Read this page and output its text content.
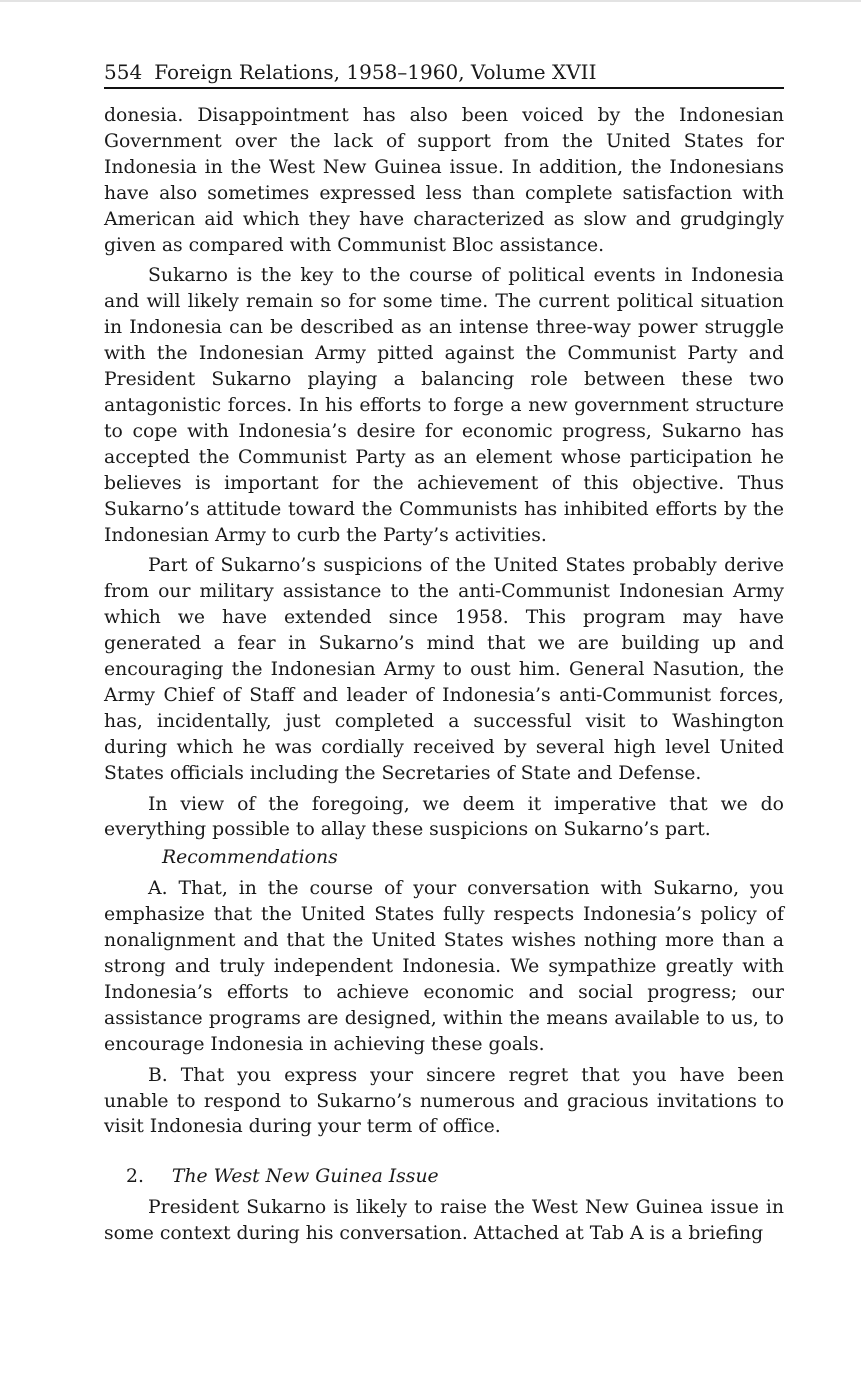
554 Foreign Relations, 1958–1960, Volume XVII

donesia. Disappointment has also been voiced by the Indonesian Government over the lack of support from the United States for Indonesia in the West New Guinea issue. In addition, the Indonesians have also sometimes expressed less than complete satisfaction with American aid which they have characterized as slow and grudgingly given as compared with Communist Bloc assistance.

Sukarno is the key to the course of political events in Indonesia and will likely remain so for some time. The current political situation in Indonesia can be described as an intense three-way power struggle with the Indonesian Army pitted against the Communist Party and President Sukarno playing a balancing role between these two antagonistic forces. In his efforts to forge a new government structure to cope with Indonesia’s desire for economic progress, Sukarno has accepted the Communist Party as an element whose participation he believes is important for the achievement of this objective. Thus Sukarno’s attitude toward the Communists has inhibited efforts by the Indonesian Army to curb the Party’s activities.

Part of Sukarno’s suspicions of the United States probably derive from our military assistance to the anti-Communist Indonesian Army which we have extended since 1958. This program may have generated a fear in Sukarno’s mind that we are building up and encouraging the Indonesian Army to oust him. General Nasution, the Army Chief of Staff and leader of Indonesia’s anti-Communist forces, has, incidentally, just completed a successful visit to Washington during which he was cordially received by several high level United States officials including the Secretaries of State and Defense.

In view of the foregoing, we deem it imperative that we do everything possible to allay these suspicions on Sukarno’s part.

Recommendations

A. That, in the course of your conversation with Sukarno, you emphasize that the United States fully respects Indonesia’s policy of nonalignment and that the United States wishes nothing more than a strong and truly independent Indonesia. We sympathize greatly with Indonesia’s efforts to achieve economic and social progress; our assistance programs are designed, within the means available to us, to encourage Indonesia in achieving these goals.

B. That you express your sincere regret that you have been unable to respond to Sukarno’s numerous and gracious invitations to visit Indonesia during your term of office.

2. The West New Guinea Issue

President Sukarno is likely to raise the West New Guinea issue in some context during his conversation. Attached at Tab A is a briefing
